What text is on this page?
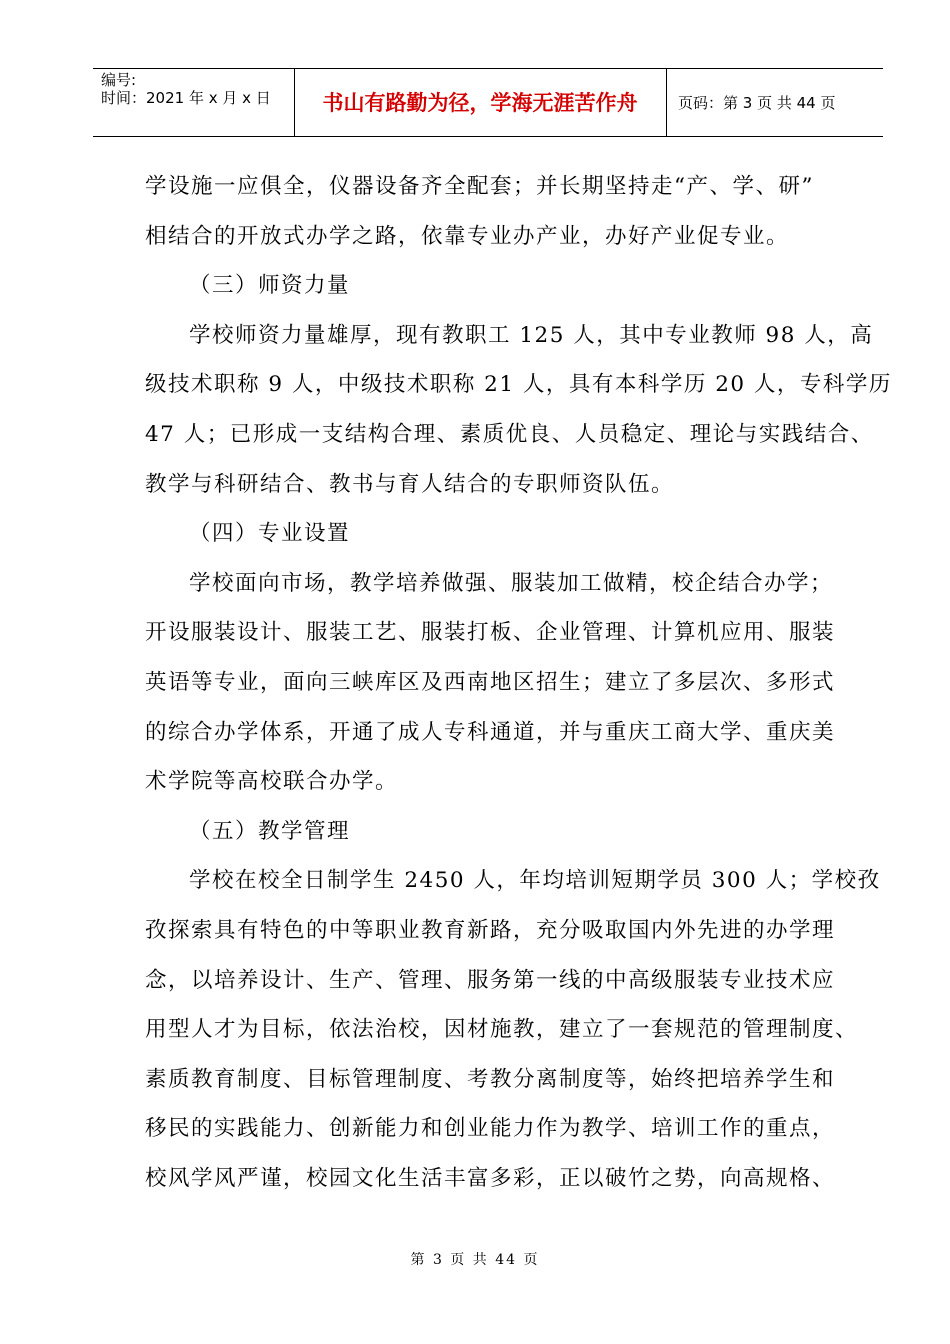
编号:
时间：2021 年 x 月 x 日	书山有路勤为径，学海无涯苦作舟	页码：第 3 页 共 44 页
学设施一应俱全，仪器设备齐全配套；并长期坚持走“产、学、研”
相结合的开放式办学之路，依靠专业办产业，办好产业促专业。
（三）师资力量
学校师资力量雄厚，现有教职工 125 人，其中专业教师 98 人，高
级技术职称 9 人，中级技术职称 21 人，具有本科学历 20 人，专科学历
47 人；已形成一支结构合理、素质优良、人员稳定、理论与实践结合、
教学与科研结合、教书与育人结合的专职师资队伍。
（四）专业设置
学校面向市场，教学培养做强、服装加工做精，校企结合办学；
开设服装设计、服装工艺、服装打板、企业管理、计算机应用、服装
英语等专业，面向三峡库区及西南地区招生；建立了多层次、多形式
的综合办学体系，开通了成人专科通道，并与重庆工商大学、重庆美
术学院等高校联合办学。
（五）教学管理
学校在校全日制学生 2450 人，年均培训短期学员 300 人；学校孜
孜探索具有特色的中等职业教育新路，充分吸取国内外先进的办学理
念，以培养设计、生产、管理、服务第一线的中高级服装专业技术应
用型人才为目标，依法治校，因材施教，建立了一套规范的管理制度、
素质教育制度、目标管理制度、考教分离制度等，始终把培养学生和
移民的实践能力、创新能力和创业能力作为教学、培训工作的重点，
校风学风严谨，校园文化生活丰富多彩，正以破竹之势，向高规格、
第 3 页 共 44 页
